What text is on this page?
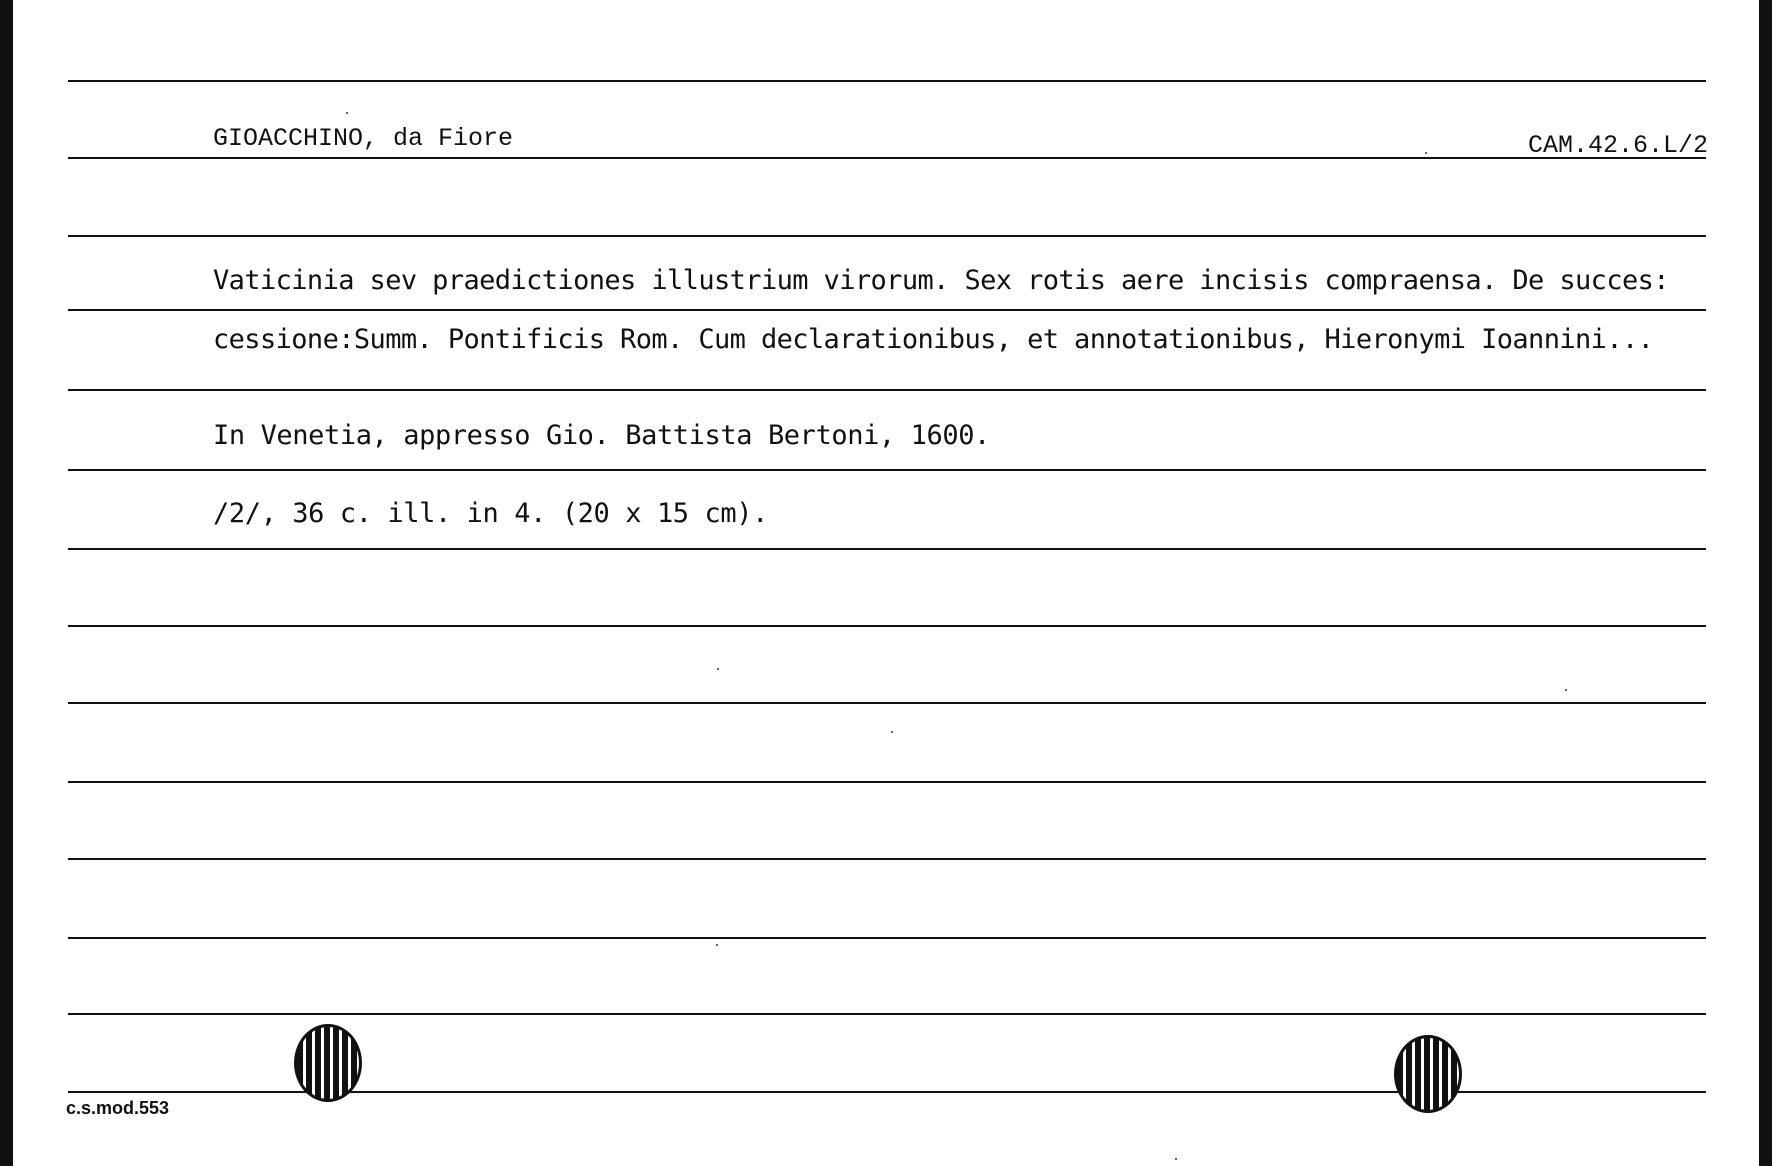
GIOACCHINO, da Fiore	CAM.42.6.L/2
Vaticinia sev praedictiones illustrium virorum. Sex rotis aere incisis compraensa. De succes:
cessione:Summ. Pontificis Rom. Cum declarationibus, et annotationibus, Hieronymi Ioannini...
In Venetia, appresso Gio. Battista Bertoni, 1600.
/2/, 36 c. ill. in 4. (20 x 15 cm).
c.s.mod.553
